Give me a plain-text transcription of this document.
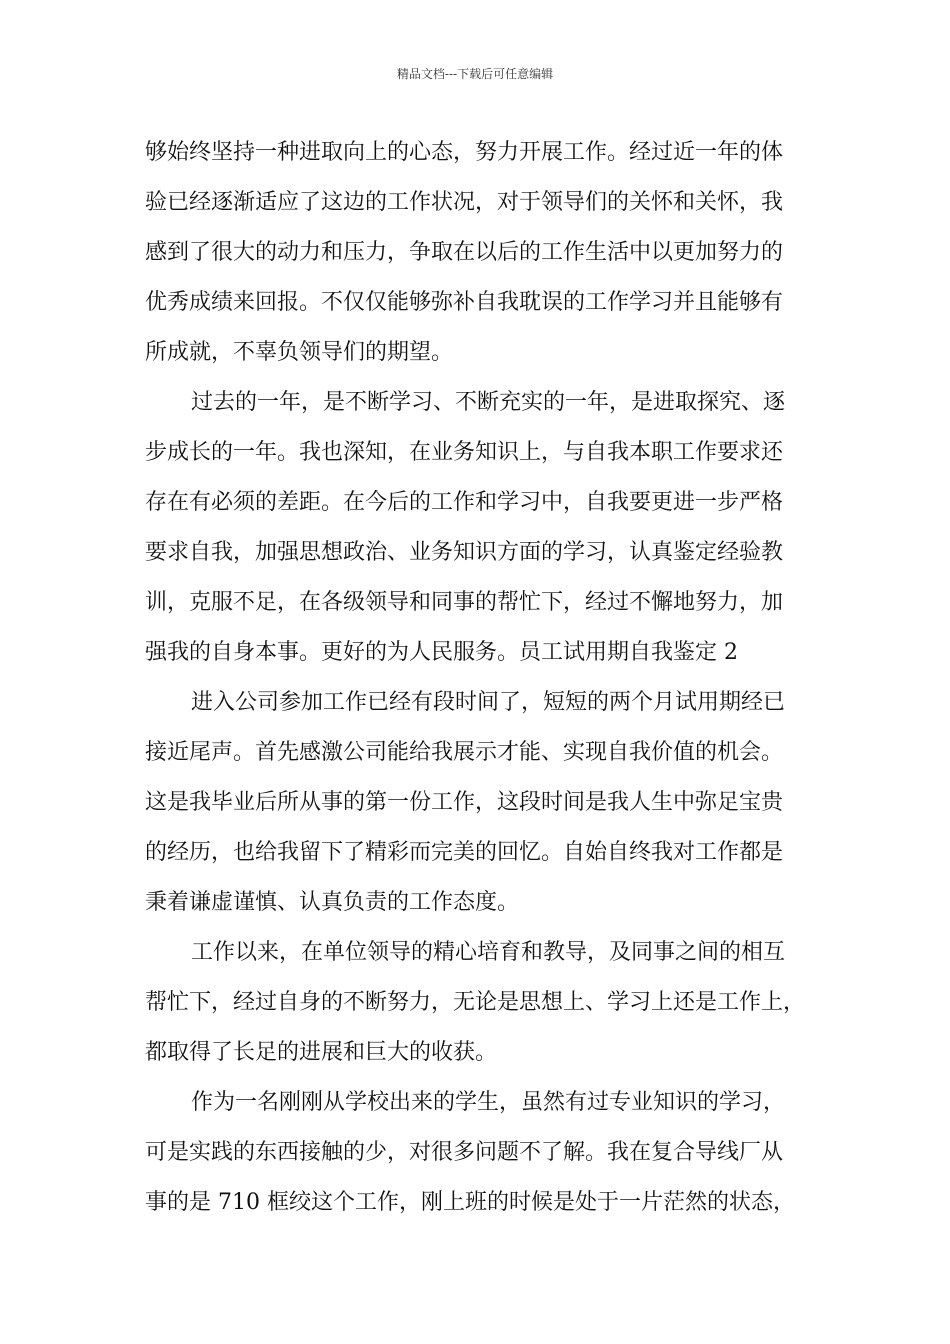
精品文档---下载后可任意编辑
够始终坚持一种进取向上的心态，努力开展工作。经过近一年的体
验已经逐渐适应了这边的工作状况，对于领导们的关怀和关怀，我
感到了很大的动力和压力，争取在以后的工作生活中以更加努力的
优秀成绩来回报。不仅仅能够弥补自我耽误的工作学习并且能够有
所成就，不辜负领导们的期望。
过去的一年，是不断学习、不断充实的一年，是进取探究、逐
步成长的一年。我也深知，在业务知识上，与自我本职工作要求还
存在有必须的差距。在今后的工作和学习中，自我要更进一步严格
要求自我，加强思想政治、业务知识方面的学习，认真鉴定经验教
训，克服不足，在各级领导和同事的帮忙下，经过不懈地努力，加
强我的自身本事。更好的为人民服务。员工试用期自我鉴定 2
进入公司参加工作已经有段时间了，短短的两个月试用期经已
接近尾声。首先感激公司能给我展示才能、实现自我价值的机会。
这是我毕业后所从事的第一份工作，这段时间是我人生中弥足宝贵
的经历，也给我留下了精彩而完美的回忆。自始自终我对工作都是
秉着谦虚谨慎、认真负责的工作态度。
工作以来，在单位领导的精心培育和教导，及同事之间的相互
帮忙下，经过自身的不断努力，无论是思想上、学习上还是工作上，
都取得了长足的进展和巨大的收获。
作为一名刚刚从学校出来的学生，虽然有过专业知识的学习，
可是实践的东西接触的少，对很多问题不了解。我在复合导线厂从
事的是 710 框绞这个工作，刚上班的时候是处于一片茫然的状态，
